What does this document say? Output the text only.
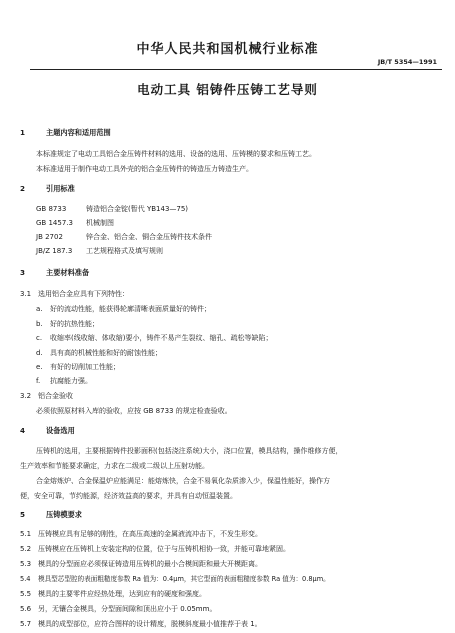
中华人民共和国机械行业标准
JB/T 5354—1991
电动工具 铝铸件压铸工艺导则
1	主题内容和适用范围
本标准规定了电动工具铝合金压铸件材料的选用、设备的选用、压铸模的要求和压铸工艺。
本标准适用于制作电动工具外壳的铝合金压铸件的铸造压力铸造生产。
2	引用标准
GB 8733	铸造铝合金锭(暂代 YB143—75)
GB 1457.3 机械制图
JB 2702	锌合金、铝合金、铜合金压铸件技术条件
JB/Z 187.3 工艺规程格式及填写规则
3	主要材料准备
3.1 选用铝合金应具有下列特性：
a. 好的流动性能，能获得轮廓清晰表面质量好的铸件；
b. 好的抗热性能；
c. 收缩率(线收缩、体收缩)要小，铸件不易产生裂纹、缩孔、疏松等缺陷；
d. 具有高的机械性能和好的耐蚀性能；
e. 有好的切削加工性能；
f. 抗腐能力强。
3.2 铝合金验收
必须依照原材料入库的验收，应按 GB 8733 的规定检查验收。
4	设备选用
压铸机的选用，主要根据铸件投影面积(包括浇注系统)大小，浇口位置，模具结构，操作维修方便，
生产效率和节能要求确定，力求在二级或二级以上压射功能。
合金熔炼炉、合金保温炉应能满足：能熔炼快，合金不易氧化杂质渗入少，保温性能好，操作方
便，安全可靠，节约能源，经济效益高的要求，并具有自动恒温装置。
5	压铸模要求
5.1 压铸模应具有足够的刚性，在高压高速的金属液流冲击下，不发生形变。
5.2 压铸模应在压铸机上安装定构的位置，位于与压铸机相协一致，并能可靠地紧固。
5.3 模具的分型面应必须保证铸造用压铸机的最小合模间距和最大开模距离。
5.4 模具型芯型腔的表面粗糙度参数 Ra 值为：0.4μm，其它型面的表面粗糙度参数 Ra 值为：0.8μm。
5.5 模具的主要零件应经热处理，达到应有的硬度和强度。
5.6 另，无镶合金模具，分型面间隙和顶出应小于 0.05mm。
5.7 模具的成型部位，应符合图样的设计精度，脱模斜度最小值推荐于表 1。
